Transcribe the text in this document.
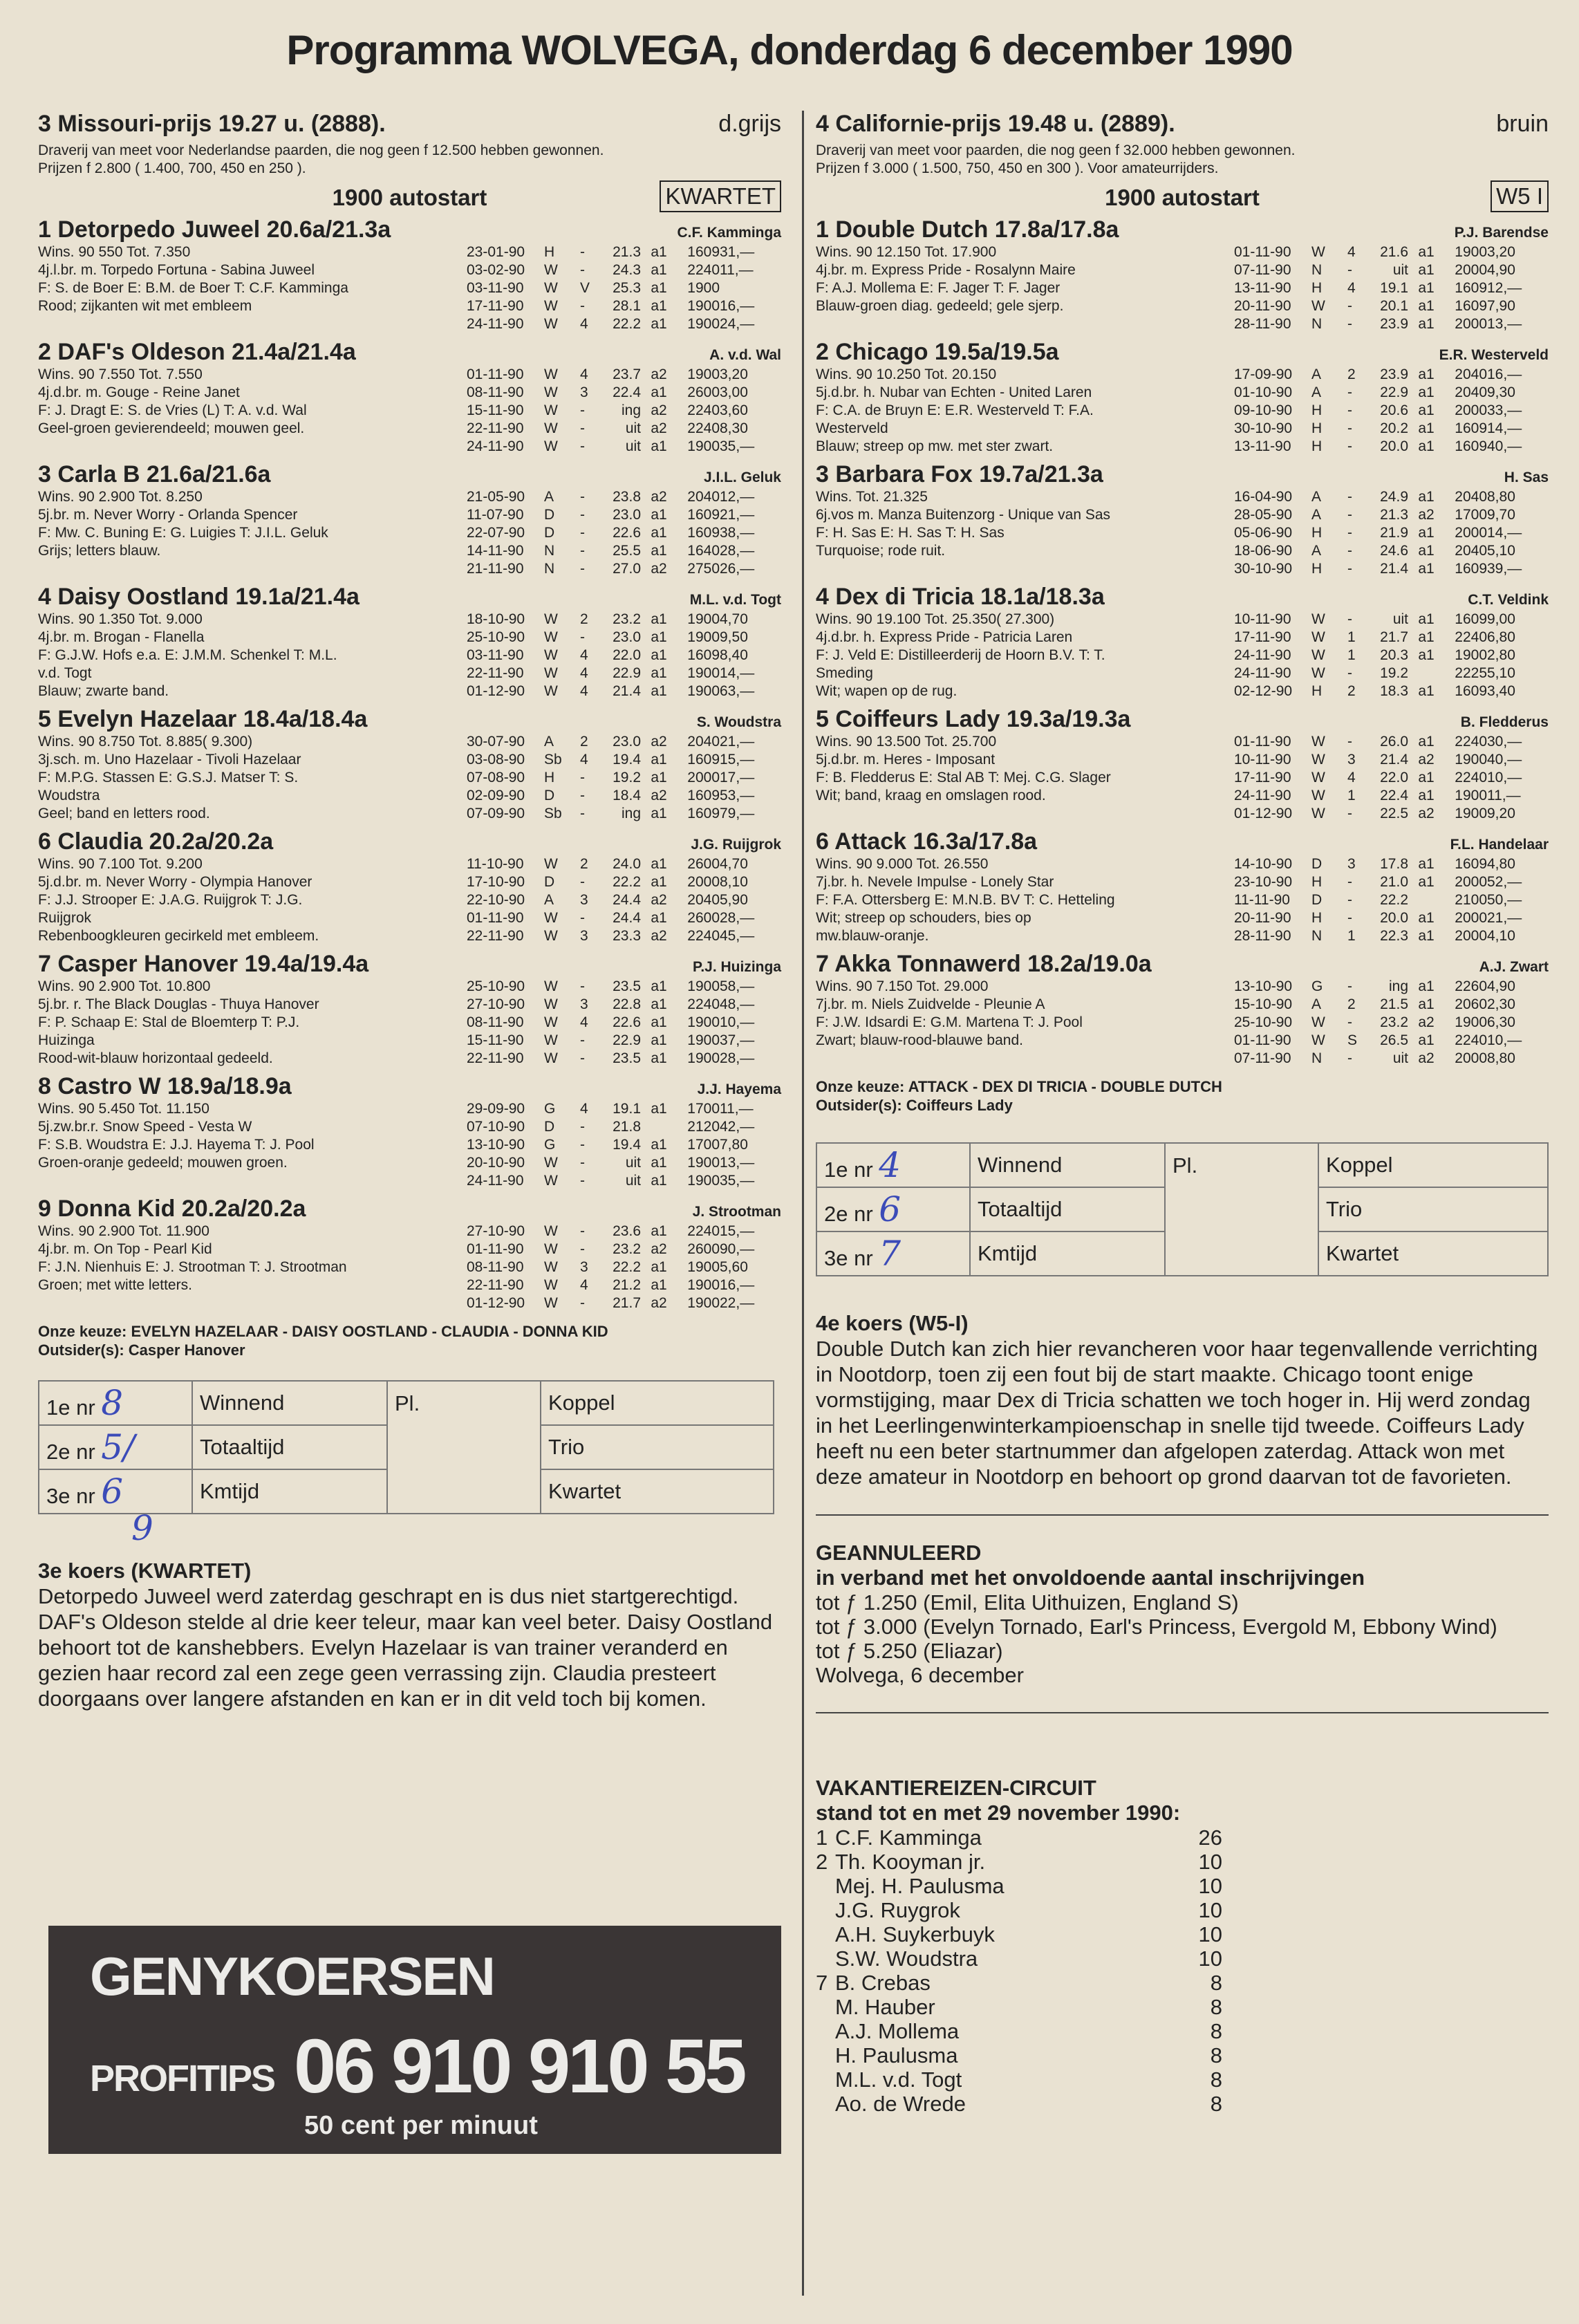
Programma WOLVEGA, donderdag 6 december 1990
3 Missouri-prijs 19.27 u. (2888).	d.grijs
Draverij van meet voor Nederlandse paarden, die nog geen f 12.500 hebben gewonnen.
Prijzen f 2.800 ( 1.400, 700, 450 en 250 ).
1900 autostart	KWARTET
1 Detorpedo Juweel 20.6a/21.3a	C.F. Kamminga
Wins. 90 550 Tot. 7.350
4j.l.br. m. Torpedo Fortuna - Sabina Juweel
F: S. de Boer E: B.M. de Boer T: C.F. Kamminga
Rood; zijkanten wit met embleem
23-01-90	H	-	21.3 a1	1609 31,—
03-02-90	W	-	24.3 a1	2240 11,—
03-11-90	W	V	25.3 a1	1900
17-11-90	W	-	28.1 a1	1900 16,—
24-11-90	W	4	22.2 a1	1900 24,—
2 DAF's Oldeson 21.4a/21.4a	A. v.d. Wal
Wins. 90 7.550 Tot. 7.550
4j.d.br. m. Gouge - Reine Janet
F: J. Dragt E: S. de Vries (L) T: A. v.d. Wal
Geel-groen gevierendeeld; mouwen geel.
01-11-90	W	4	23.7 a2	1900 3,20
08-11-90	W	3	22.4 a1	2600 3,00
15-11-90	W	-	ing a2	2240 3,60
22-11-90	W	-	uit a2	2240 8,30
24-11-90	W	-	uit a1	1900 35,—
3 Carla B 21.6a/21.6a	J.I.L. Geluk
Wins. 90 2.900 Tot. 8.250
5j.br. m. Never Worry - Orlanda Spencer
F: Mw. C. Buning E: G. Luigies T: J.I.L. Geluk
Grijs; letters blauw.
21-05-90	A	-	23.8 a2	2040 12,—
11-07-90	D	-	23.0 a1	1609 21,—
22-07-90	D	-	22.6 a1	1609 38,—
14-11-90	N	-	25.5 a1	1640 28,—
21-11-90	N	-	27.0 a2	2750 26,—
4 Daisy Oostland 19.1a/21.4a	M.L. v.d. Togt
Wins. 90 1.350 Tot. 9.000
4j.br. m. Brogan - Flanella
F: G.J.W. Hofs e.a. E: J.M.M. Schenkel T: M.L.
v.d. Togt
Blauw; zwarte band.
18-10-90	W	2	23.2 a1	1900 4,70
25-10-90	W	-	23.0 a1	1900 9,50
03-11-90	W	4	22.0 a1	1609 8,40
22-11-90	W	4	22.9 a1	1900 14,—
01-12-90	W	4	21.4 a1	1900 63,—
5 Evelyn Hazelaar 18.4a/18.4a	S. Woudstra
Wins. 90 8.750 Tot. 8.885( 9.300)
3j.sch. m. Uno Hazelaar - Tivoli Hazelaar
F: M.P.G. Stassen E: G.S.J. Matser T: S.
Woudstra
Geel; band en letters rood.
30-07-90	A	2	23.0 a2	2040 21,—
03-08-90	Sb	4	19.4 a1	1609 15,—
07-08-90	H	-	19.2 a1	2000 17,—
02-09-90	D	-	18.4 a2	1609 53,—
07-09-90	Sb	-	ing a1	1609 79,—
6 Claudia 20.2a/20.2a	J.G. Ruijgrok
Wins. 90 7.100 Tot. 9.200
5j.d.br. m. Never Worry - Olympia Hanover
F: J.J. Strooper E: J.A.G. Ruijgrok T: J.G.
Ruijgrok
Rebenboogkleuren gecirkeld met embleem.
11-10-90	W	2	24.0 a1	2600 4,70
17-10-90	D	-	22.2 a1	2000 8,10
22-10-90	A	3	24.4 a2	2040 5,90
01-11-90	W	-	24.4 a1	2600 28,—
22-11-90	W	3	23.3 a2	2240 45,—
7 Casper Hanover 19.4a/19.4a	P.J. Huizinga
Wins. 90 2.900 Tot. 10.800
5j.br. r. The Black Douglas - Thuya Hanover
F: P. Schaap E: Stal de Bloemterp T: P.J.
Huizinga
Rood-wit-blauw horizontaal gedeeld.
25-10-90	W	-	23.5 a1	1900 58,—
27-10-90	W	3	22.8 a1	2240 48,—
08-11-90	W	4	22.6 a1	1900 10,—
15-11-90	W	-	22.9 a1	1900 37,—
22-11-90	W	-	23.5 a1	1900 28,—
8 Castro W 18.9a/18.9a	J.J. Hayema
Wins. 90 5.450 Tot. 11.150
5j.zw.br.r. Snow Speed - Vesta W
F: S.B. Woudstra E: J.J. Hayema T: J. Pool
Groen-oranje gedeeld; mouwen groen.
29-09-90	G	4	19.1 a1	1700 11,—
07-10-90	D	-	21.8	2120 42,—
13-10-90	G	-	19.4 a1	1700 7,80
20-10-90	W	-	uit a1	1900 13,—
24-11-90	W	-	uit a1	1900 35,—
9 Donna Kid 20.2a/20.2a	J. Strootman
Wins. 90 2.900 Tot. 11.900
4j.br. m. On Top - Pearl Kid
F: J.N. Nienhuis E: J. Strootman T: J. Strootman
Groen; met witte letters.
27-10-90	W	-	23.6 a1	2240 15,—
01-11-90	W	-	23.2 a2	2600 90,—
08-11-90	W	3	22.2 a1	1900 5,60
22-11-90	W	4	21.2 a1	1900 16,—
01-12-90	W	-	21.7 a2	1900 22,—
Onze keuze: EVELYN HAZELAAR - DAISY OOSTLAND - CLAUDIA - DONNA KID
Outsider(s): Casper Hanover
1e nr 8	Winnend	Pl.	Koppel
2e nr 5/	Totaaltijd		Trio
3e nr 6	Kmtijd		Kwartet
9
3e koers (KWARTET)
Detorpedo Juweel werd zaterdag geschrapt en is dus niet startgerechtigd. DAF's Oldeson stelde al drie keer teleur, maar kan veel beter. Daisy Oostland behoort tot de kanshebbers. Evelyn Hazelaar is van trainer veranderd en gezien haar record zal een zege geen verrassing zijn. Claudia presteert doorgaans over langere afstanden en kan er in dit veld toch bij komen.
GENYKOERSEN
PROFITIPS 06 910 910 55
50 cent per minuut
4 Californie-prijs 19.48 u. (2889).	bruin
Draverij van meet voor paarden, die nog geen f 32.000 hebben gewonnen.
Prijzen f 3.000 ( 1.500, 750, 450 en 300 ). Voor amateurrijders.
1900 autostart	W5 I
1 Double Dutch 17.8a/17.8a	P.J. Barendse
Wins. 90 12.150 Tot. 17.900
4j.br. m. Express Pride - Rosalynn Maire
F: A.J. Mollema E: F. Jager T: F. Jager
Blauw-groen diag. gedeeld; gele sjerp.
01-11-90	W	4	21.6 a1	1900 3,20
07-11-90	N	-	uit a1	2000 4,90
13-11-90	H	4	19.1 a1	1609 12,—
20-11-90	W	-	20.1 a1	1609 7,90
28-11-90	N	-	23.9 a1	2000 13,—
2 Chicago 19.5a/19.5a	E.R. Westerveld
Wins. 90 10.250 Tot. 20.150
5j.d.br. h. Nubar van Echten - United Laren
F: C.A. de Bruyn E: E.R. Westerveld T: F.A.
Westerveld
Blauw; streep op mw. met ster zwart.
17-09-90	A	2	23.9 a1	2040 16,—
01-10-90	A	-	22.9 a1	2040 9,30
09-10-90	H	-	20.6 a1	2000 33,—
30-10-90	H	-	20.2 a1	1609 14,—
13-11-90	H	-	20.0 a1	1609 40,—
3 Barbara Fox 19.7a/21.3a	H. Sas
Wins. Tot. 21.325
6j.vos m. Manza Buitenzorg - Unique van Sas
F: H. Sas E: H. Sas T: H. Sas
Turquoise; rode ruit.
16-04-90	A	-	24.9 a1	2040 8,80
28-05-90	A	-	21.3 a2	1700 9,70
05-06-90	H	-	21.9 a1	2000 14,—
18-06-90	A	-	24.6 a1	2040 5,10
30-10-90	H	-	21.4 a1	1609 39,—
4 Dex di Tricia 18.1a/18.3a	C.T. Veldink
Wins. 90 19.100 Tot. 25.350( 27.300)
4j.d.br. h. Express Pride - Patricia Laren
F: J. Veld E: Distilleerderij de Hoorn B.V. T: T.
Smeding
Wit; wapen op de rug.
10-11-90	W	-	uit a1	1609 9,00
17-11-90	W	1	21.7 a1	2240 6,80
24-11-90	W	1	20.3 a1	1900 2,80
24-11-90	W	-	19.2	2225 5,10
02-12-90	H	2	18.3 a1	1609 3,40
5 Coiffeurs Lady 19.3a/19.3a	B. Fledderus
Wins. 90 13.500 Tot. 25.700
5j.d.br. m. Heres - Imposant
F: B. Fledderus E: Stal AB T: Mej. C.G. Slager
Wit; band, kraag en omslagen rood.
01-11-90	W	-	26.0 a1	2240 30,—
10-11-90	W	3	21.4 a2	1900 40,—
17-11-90	W	4	22.0 a1	2240 10,—
24-11-90	W	1	22.4 a1	1900 11,—
01-12-90	W	-	22.5 a2	1900 9,20
6 Attack 16.3a/17.8a	F.L. Handelaar
Wins. 90 9.000 Tot. 26.550
7j.br. h. Nevele Impulse - Lonely Star
F: F.A. Ottersberg E: M.N.B. BV T: C. Hetteling
Wit; streep op schouders, bies op
mw.blauw-oranje.
14-10-90	D	3	17.8 a1	1609 4,80
23-10-90	H	-	21.0 a1	2000 52,—
11-11-90	D	-	22.2	2100 50,—
20-11-90	H	-	20.0 a1	2000 21,—
28-11-90	N	1	22.3 a1	2000 4,10
7 Akka Tonnawerd 18.2a/19.0a	A.J. Zwart
Wins. 90 7.150 Tot. 29.000
7j.br. m. Niels Zuidvelde - Pleunie A
F: J.W. Idsardi E: G.M. Martena T: J. Pool
Zwart; blauw-rood-blauwe band.
13-10-90	G	-	ing a1	2260 4,90
15-10-90	A	2	21.5 a1	2060 2,30
25-10-90	W	-	23.2 a2	1900 6,30
01-11-90	W	S	26.5 a1	2240 10,—
07-11-90	N	-	uit a2	2000 8,80
Onze keuze: ATTACK - DEX DI TRICIA - DOUBLE DUTCH
Outsider(s): Coiffeurs Lady
1e nr 4	Winnend	Pl.	Koppel
2e nr 6	Totaaltijd		Trio
3e nr 7	Kmtijd		Kwartet
4e koers (W5-I)
Double Dutch kan zich hier revancheren voor haar tegenvallende verrichting in Nootdorp, toen zij een fout bij de start maakte. Chicago toont enige vormstijging, maar Dex di Tricia schatten we toch hoger in. Hij werd zondag in het Leerlingenwinterkampioenschap in snelle tijd tweede. Coiffeurs Lady heeft nu een beter startnummer dan afgelopen zaterdag. Attack won met deze amateur in Nootdorp en behoort op grond daarvan tot de favorieten.
GEANNULEERD
in verband met het onvoldoende aantal inschrijvingen
tot ƒ 1.250 (Emil, Elita Uithuizen, England S)
tot ƒ 3.000 (Evelyn Tornado, Earl's Princess, Evergold M, Ebbony Wind)
tot ƒ 5.250 (Eliazar)
Wolvega, 6 december
VAKANTIEREIZEN-CIRCUIT
stand tot en met 29 november 1990:
1 C.F. Kamminga	26
2 Th. Kooyman jr.	10
Mej. H. Paulusma	10
J.G. Ruygrok	10
A.H. Suykerbuyk	10
S.W. Woudstra	10
7 B. Crebas	8
M. Hauber	8
A.J. Mollema	8
H. Paulusma	8
M.L. v.d. Togt	8
Ao. de Wrede	8
